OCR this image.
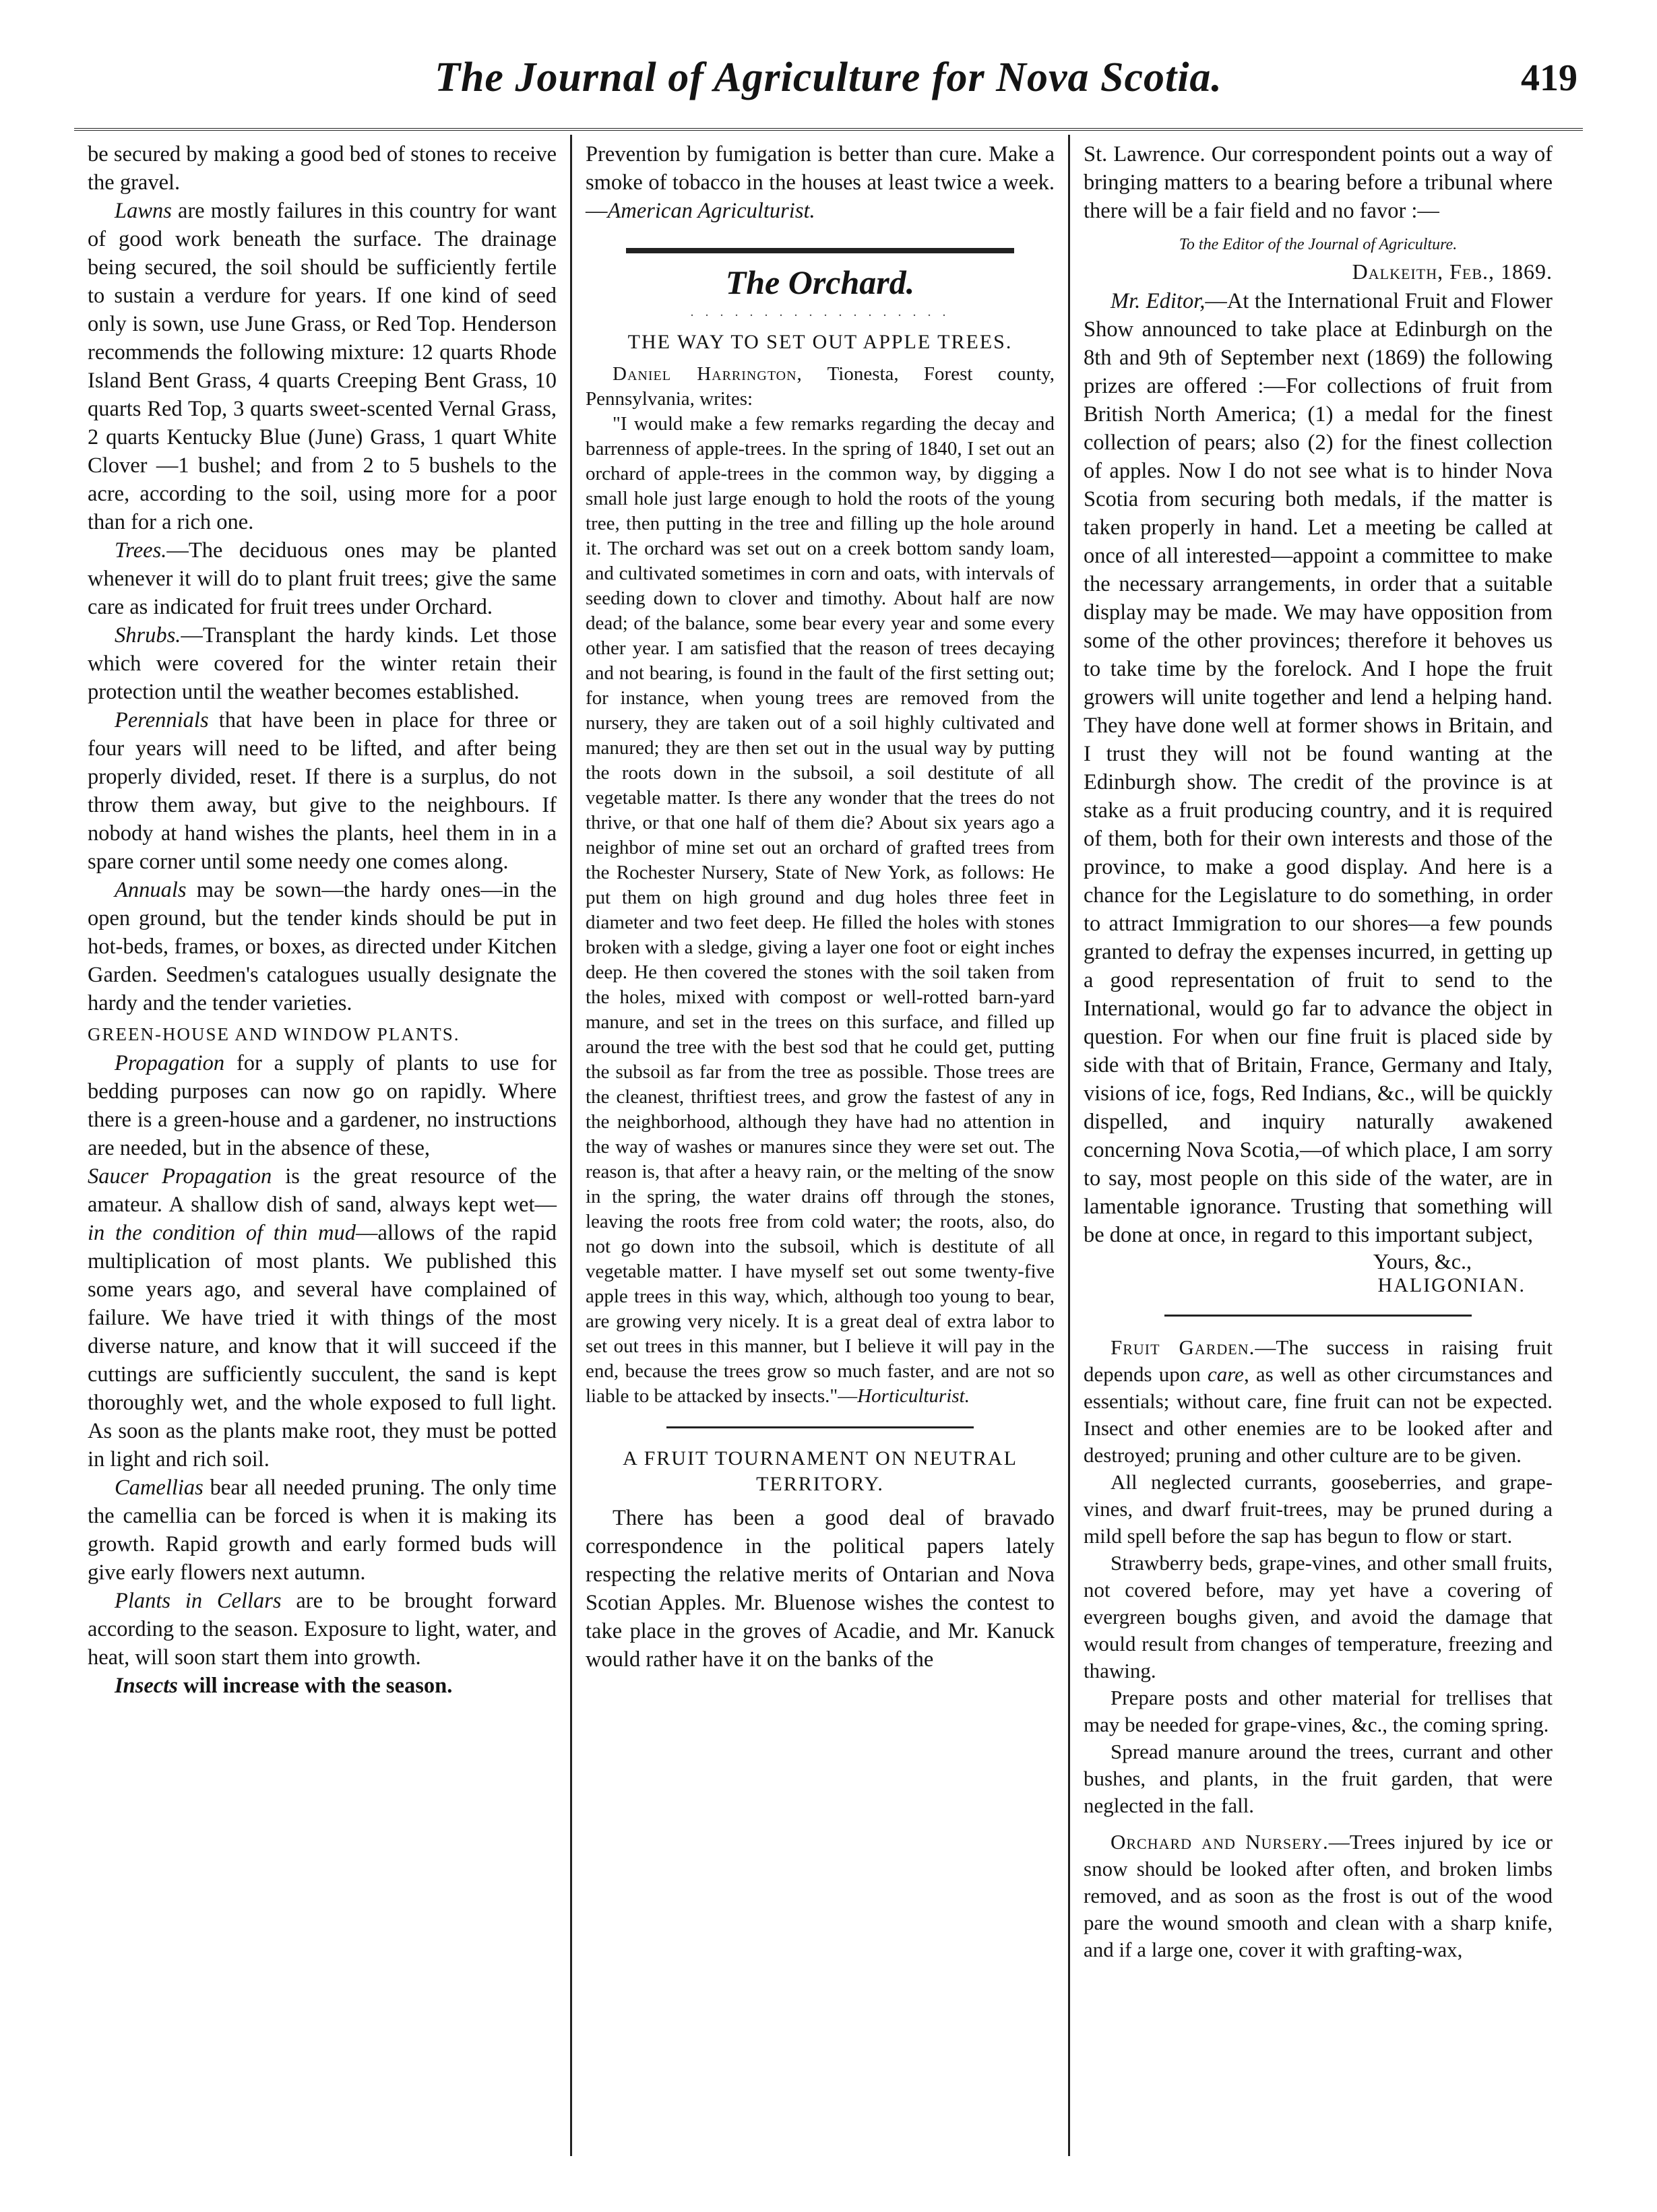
The Journal of Agriculture for Nova Scotia.	419

be secured by making a good bed of stones to receive the gravel.

Lawns are mostly failures in this country for want of good work beneath the surface. The drainage being secured, the soil should be sufficiently fertile to sustain a verdure for years. If one kind of seed only is sown, use June Grass, or Red Top. Henderson recommends the following mixture: 12 quarts Rhode Island Bent Grass, 4 quarts Creeping Bent Grass, 10 quarts Red Top, 3 quarts sweet-scented Vernal Grass, 2 quarts Kentucky Blue (June) Grass, 1 quart White Clover —1 bushel; and from 2 to 5 bushels to the acre, according to the soil, using more for a poor than for a rich one.

Trees.—The deciduous ones may be planted whenever it will do to plant fruit trees; give the same care as indicated for fruit trees under Orchard.

Shrubs.—Transplant the hardy kinds. Let those which were covered for the winter retain their protection until the weather becomes established.

Perennials that have been in place for three or four years will need to be lifted, and after being properly divided, reset. If there is a surplus, do not throw them away, but give to the neighbours. If nobody at hand wishes the plants, heel them in in a spare corner until some needy one comes along.

Annuals may be sown—the hardy ones—in the open ground, but the tender kinds should be put in hot-beds, frames, or boxes, as directed under Kitchen Garden. Seedmen's catalogues usually designate the hardy and the tender varieties.

GREEN-HOUSE AND WINDOW PLANTS.

Propagation for a supply of plants to use for bedding purposes can now go on rapidly. Where there is a green-house and a gardener, no instructions are needed, but in the absence of these,

Saucer Propagation is the great resource of the amateur. A shallow dish of sand, always kept wet—in the condition of thin mud—allows of the rapid multiplication of most plants. We published this some years ago, and several have complained of failure. We have tried it with things of the most diverse nature, and know that it will succeed if the cuttings are sufficiently succulent, the sand is kept thoroughly wet, and the whole exposed to full light. As soon as the plants make root, they must be potted in light and rich soil.

Camellias bear all needed pruning. The only time the camellia can be forced is when it is making its growth. Rapid growth and early formed buds will give early flowers next autumn.

Plants in Cellars are to be brought forward according to the season. Exposure to light, water, and heat, will soon start them into growth.

Insects will increase with the season.

Prevention by fumigation is better than cure. Make a smoke of tobacco in the houses at least twice a week.—American Agriculturist.

The Orchard.
. . . . . . . . . . . . . . . . . .
THE WAY TO SET OUT APPLE TREES.

Daniel Harrington, Tionesta, Forest county, Pennsylvania, writes:

"I would make a few remarks regarding the decay and barrenness of apple-trees. In the spring of 1840, I set out an orchard of apple-trees in the common way, by digging a small hole just large enough to hold the roots of the young tree, then putting in the tree and filling up the hole around it. The orchard was set out on a creek bottom sandy loam, and cultivated sometimes in corn and oats, with intervals of seeding down to clover and timothy. About half are now dead; of the balance, some bear every year and some every other year. I am satisfied that the reason of trees decaying and not bearing, is found in the fault of the first setting out; for instance, when young trees are removed from the nursery, they are taken out of a soil highly cultivated and manured; they are then set out in the usual way by putting the roots down in the subsoil, a soil destitute of all vegetable matter. Is there any wonder that the trees do not thrive, or that one half of them die? About six years ago a neighbor of mine set out an orchard of grafted trees from the Rochester Nursery, State of New York, as follows: He put them on high ground and dug holes three feet in diameter and two feet deep. He filled the holes with stones broken with a sledge, giving a layer one foot or eight inches deep. He then covered the stones with the soil taken from the holes, mixed with compost or well-rotted barn-yard manure, and set in the trees on this surface, and filled up around the tree with the best sod that he could get, putting the subsoil as far from the tree as possible. Those trees are the cleanest, thriftiest trees, and grow the fastest of any in the neighborhood, although they have had no attention in the way of washes or manures since they were set out. The reason is, that after a heavy rain, or the melting of the snow in the spring, the water drains off through the stones, leaving the roots free from cold water; the roots, also, do not go down into the subsoil, which is destitute of all vegetable matter. I have myself set out some twenty-five apple trees in this way, which, although too young to bear, are growing very nicely. It is a great deal of extra labor to set out trees in this manner, but I believe it will pay in the end, because the trees grow so much faster, and are not so liable to be attacked by insects."—Horticulturist.

A FRUIT TOURNAMENT ON NEUTRAL TERRITORY.

There has been a good deal of bravado correspondence in the political papers lately respecting the relative merits of Ontarian and Nova Scotian Apples. Mr. Bluenose wishes the contest to take place in the groves of Acadie, and Mr. Kanuck would rather have it on the banks of the

St. Lawrence. Our correspondent points out a way of bringing matters to a bearing before a tribunal where there will be a fair field and no favor :—

To the Editor of the Journal of Agriculture.
Dalkeith, Feb., 1869.

Mr. Editor,—At the International Fruit and Flower Show announced to take place at Edinburgh on the 8th and 9th of September next (1869) the following prizes are offered :—For collections of fruit from British North America; (1) a medal for the finest collection of pears; also (2) for the finest collection of apples. Now I do not see what is to hinder Nova Scotia from securing both medals, if the matter is taken properly in hand. Let a meeting be called at once of all interested—appoint a committee to make the necessary arrangements, in order that a suitable display may be made. We may have opposition from some of the other provinces; therefore it behoves us to take time by the forelock. And I hope the fruit growers will unite together and lend a helping hand. They have done well at former shows in Britain, and I trust they will not be found wanting at the Edinburgh show. The credit of the province is at stake as a fruit producing country, and it is required of them, both for their own interests and those of the province, to make a good display. And here is a chance for the Legislature to do something, in order to attract Immigration to our shores—a few pounds granted to defray the expenses incurred, in getting up a good representation of fruit to send to the International, would go far to advance the object in question. For when our fine fruit is placed side by side with that of Britain, France, Germany and Italy, visions of ice, fogs, Red Indians, &c., will be quickly dispelled, and inquiry naturally awakened concerning Nova Scotia,—of which place, I am sorry to say, most people on this side of the water, are in lamentable ignorance. Trusting that something will be done at once, in regard to this important subject,

Yours, &c.,
HALIGONIAN.

Fruit Garden.—The success in raising fruit depends upon care, as well as other circumstances and essentials; without care, fine fruit can not be expected. Insect and other enemies are to be looked after and destroyed; pruning and other culture are to be given.

All neglected currants, gooseberries, and grape-vines, and dwarf fruit-trees, may be pruned during a mild spell before the sap has begun to flow or start.

Strawberry beds, grape-vines, and other small fruits, not covered before, may yet have a covering of evergreen boughs given, and avoid the damage that would result from changes of temperature, freezing and thawing.

Prepare posts and other material for trellises that may be needed for grape-vines, &c., the coming spring.

Spread manure around the trees, currant and other bushes, and plants, in the fruit garden, that were neglected in the fall.

Orchard and Nursery.—Trees injured by ice or snow should be looked after often, and broken limbs removed, and as soon as the frost is out of the wood pare the wound smooth and clean with a sharp knife, and if a large one, cover it with grafting-wax,
